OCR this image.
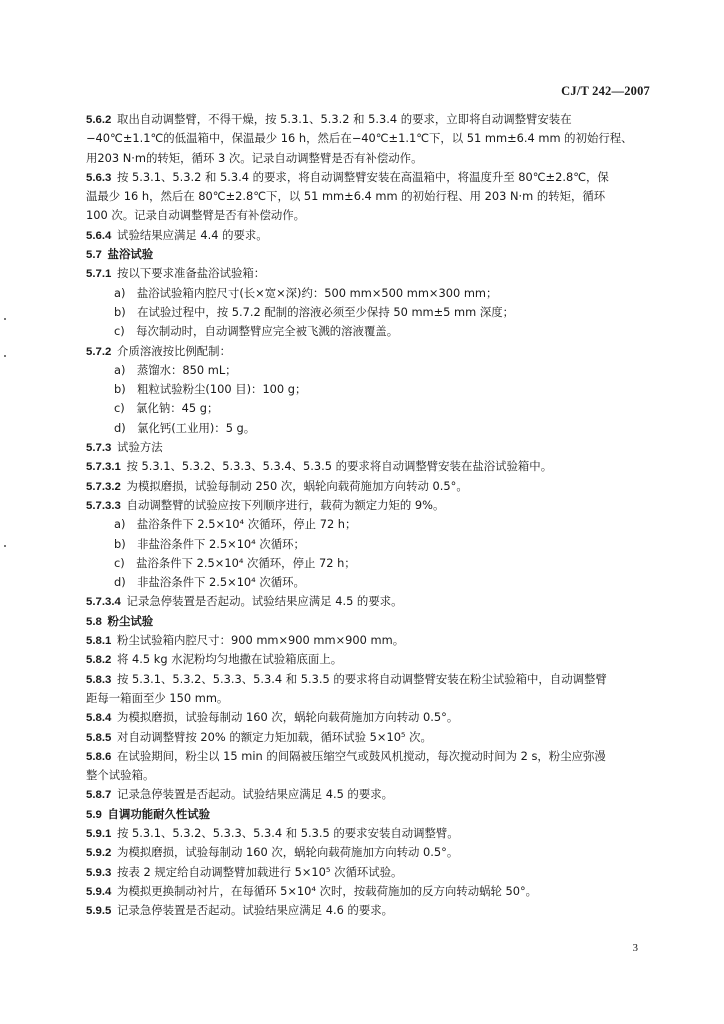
CJ/T 242—2007
5.6.2  取出自动调整臂，不得干燥，按 5.3.1、5.3.2 和 5.3.4 的要求，立即将自动调整臂安装在
−40℃±1.1℃的低温箱中，保温最少 16 h，然后在−40℃±1.1℃下，以 51 mm±6.4 mm 的初始行程、
用203 N·m的转矩，循环 3 次。记录自动调整臂是否有补偿动作。
5.6.3  按 5.3.1、5.3.2 和 5.3.4 的要求，将自动调整臂安装在高温箱中，将温度升至 80℃±2.8℃，保
温最少 16 h，然后在 80℃±2.8℃下，以 51 mm±6.4 mm 的初始行程、用 203 N·m 的转矩，循环
100 次。记录自动调整臂是否有补偿动作。
5.6.4  试验结果应满足 4.4 的要求。
5.7  盐浴试验
5.7.1  按以下要求准备盐浴试验箱：
a)　盐浴试验箱内腔尺寸(长×宽×深)约：500 mm×500 mm×300 mm；
b)　在试验过程中，按 5.7.2 配制的溶液必须至少保持 50 mm±5 mm 深度；
c)　每次制动时，自动调整臂应完全被飞溅的溶液覆盖。
5.7.2  介质溶液按比例配制：
a)　蒸馏水：850 mL；
b)　粗粒试验粉尘(100 目)：100 g；
c)　氯化钠：45 g；
d)　氯化钙(工业用)：5 g。
5.7.3  试验方法
5.7.3.1  按 5.3.1、5.3.2、5.3.3、5.3.4、5.3.5 的要求将自动调整臂安装在盐浴试验箱中。
5.7.3.2  为模拟磨损，试验每制动 250 次，蜗轮向载荷施加方向转动 0.5°。
5.7.3.3  自动调整臂的试验应按下列顺序进行，载荷为额定力矩的 9%。
a)　盐浴条件下 2.5×10⁴ 次循环，停止 72 h；
b)　非盐浴条件下 2.5×10⁴ 次循环；
c)　盐浴条件下 2.5×10⁴ 次循环，停止 72 h；
d)　非盐浴条件下 2.5×10⁴ 次循环。
5.7.3.4  记录急停装置是否起动。试验结果应满足 4.5 的要求。
5.8  粉尘试验
5.8.1  粉尘试验箱内腔尺寸：900 mm×900 mm×900 mm。
5.8.2  将 4.5 kg 水泥粉均匀地撒在试验箱底面上。
5.8.3  按 5.3.1、5.3.2、5.3.3、5.3.4 和 5.3.5 的要求将自动调整臂安装在粉尘试验箱中，自动调整臂
距每一箱面至少 150 mm。
5.8.4  为模拟磨损，试验每制动 160 次，蜗轮向载荷施加方向转动 0.5°。
5.8.5  对自动调整臂按 20% 的额定力矩加载，循环试验 5×10⁵ 次。
5.8.6  在试验期间，粉尘以 15 min 的间隔被压缩空气或鼓风机搅动，每次搅动时间为 2 s，粉尘应弥漫
整个试验箱。
5.8.7  记录急停装置是否起动。试验结果应满足 4.5 的要求。
5.9  自调功能耐久性试验
5.9.1  按 5.3.1、5.3.2、5.3.3、5.3.4 和 5.3.5 的要求安装自动调整臂。
5.9.2  为模拟磨损，试验每制动 160 次，蜗轮向载荷施加方向转动 0.5°。
5.9.3  按表 2 规定给自动调整臂加载进行 5×10⁵ 次循环试验。
5.9.4  为模拟更换制动衬片，在每循环 5×10⁴ 次时，按载荷施加的反方向转动蜗轮 50°。
5.9.5  记录急停装置是否起动。试验结果应满足 4.6 的要求。
3
